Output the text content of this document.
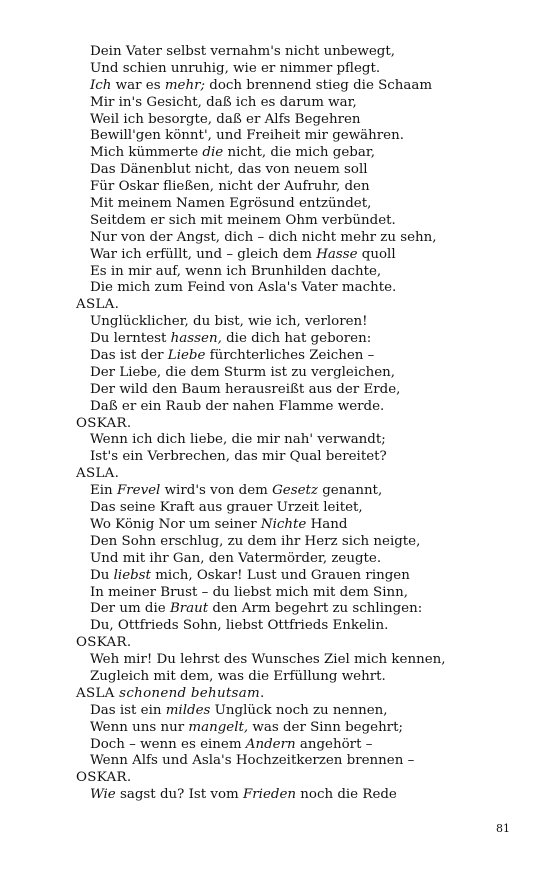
Dein Vater selbst vernahm's nicht unbewegt,
Und schien unruhig, wie er nimmer pflegt.
Ich war es mehr; doch brennend stieg die Schaam
Mir in's Gesicht, daß ich es darum war,
Weil ich besorgte, daß er Alfs Begehren
Bewill'gen könnt', und Freiheit mir gewähren.
Mich kümmerte die nicht, die mich gebar,
Das Dänenblut nicht, das von neuem soll
Für Oskar fließen, nicht der Aufruhr, den
Mit meinem Namen Egrösund entzündet,
Seitdem er sich mit meinem Ohm verbündet.
Nur von der Angst, dich – dich nicht mehr zu sehn,
War ich erfüllt, und – gleich dem Hasse quoll
Es in mir auf, wenn ich Brunhilden dachte,
Die mich zum Feind von Asla's Vater machte.
ASLA.
Unglücklicher, du bist, wie ich, verloren!
Du lerntest hassen, die dich hat geboren:
Das ist der Liebe fürchterliches Zeichen –
Der Liebe, die dem Sturm ist zu vergleichen,
Der wild den Baum herausreißt aus der Erde,
Daß er ein Raub der nahen Flamme werde.
OSKAR.
Wenn ich dich liebe, die mir nah' verwandt;
Ist's ein Verbrechen, das mir Qual bereitet?
ASLA.
Ein Frevel wird's von dem Gesetz genannt,
Das seine Kraft aus grauer Urzeit leitet,
Wo König Nor um seiner Nichte Hand
Den Sohn erschlug, zu dem ihr Herz sich neigte,
Und mit ihr Gan, den Vatermörder, zeugte.
Du liebst mich, Oskar! Lust und Grauen ringen
In meiner Brust – du liebst mich mit dem Sinn,
Der um die Braut den Arm begehrt zu schlingen:
Du, Ottfrieds Sohn, liebst Ottfrieds Enkelin.
OSKAR.
Weh mir! Du lehrst des Wunsches Ziel mich kennen,
Zugleich mit dem, was die Erfüllung wehrt.
ASLA schonend behutsam.
Das ist ein mildes Unglück noch zu nennen,
Wenn uns nur mangelt, was der Sinn begehrt;
Doch – wenn es einem Andern angehört –
Wenn Alfs und Asla's Hochzeitkerzen brennen –
OSKAR.
Wie sagst du? Ist vom Frieden noch die Rede
81
